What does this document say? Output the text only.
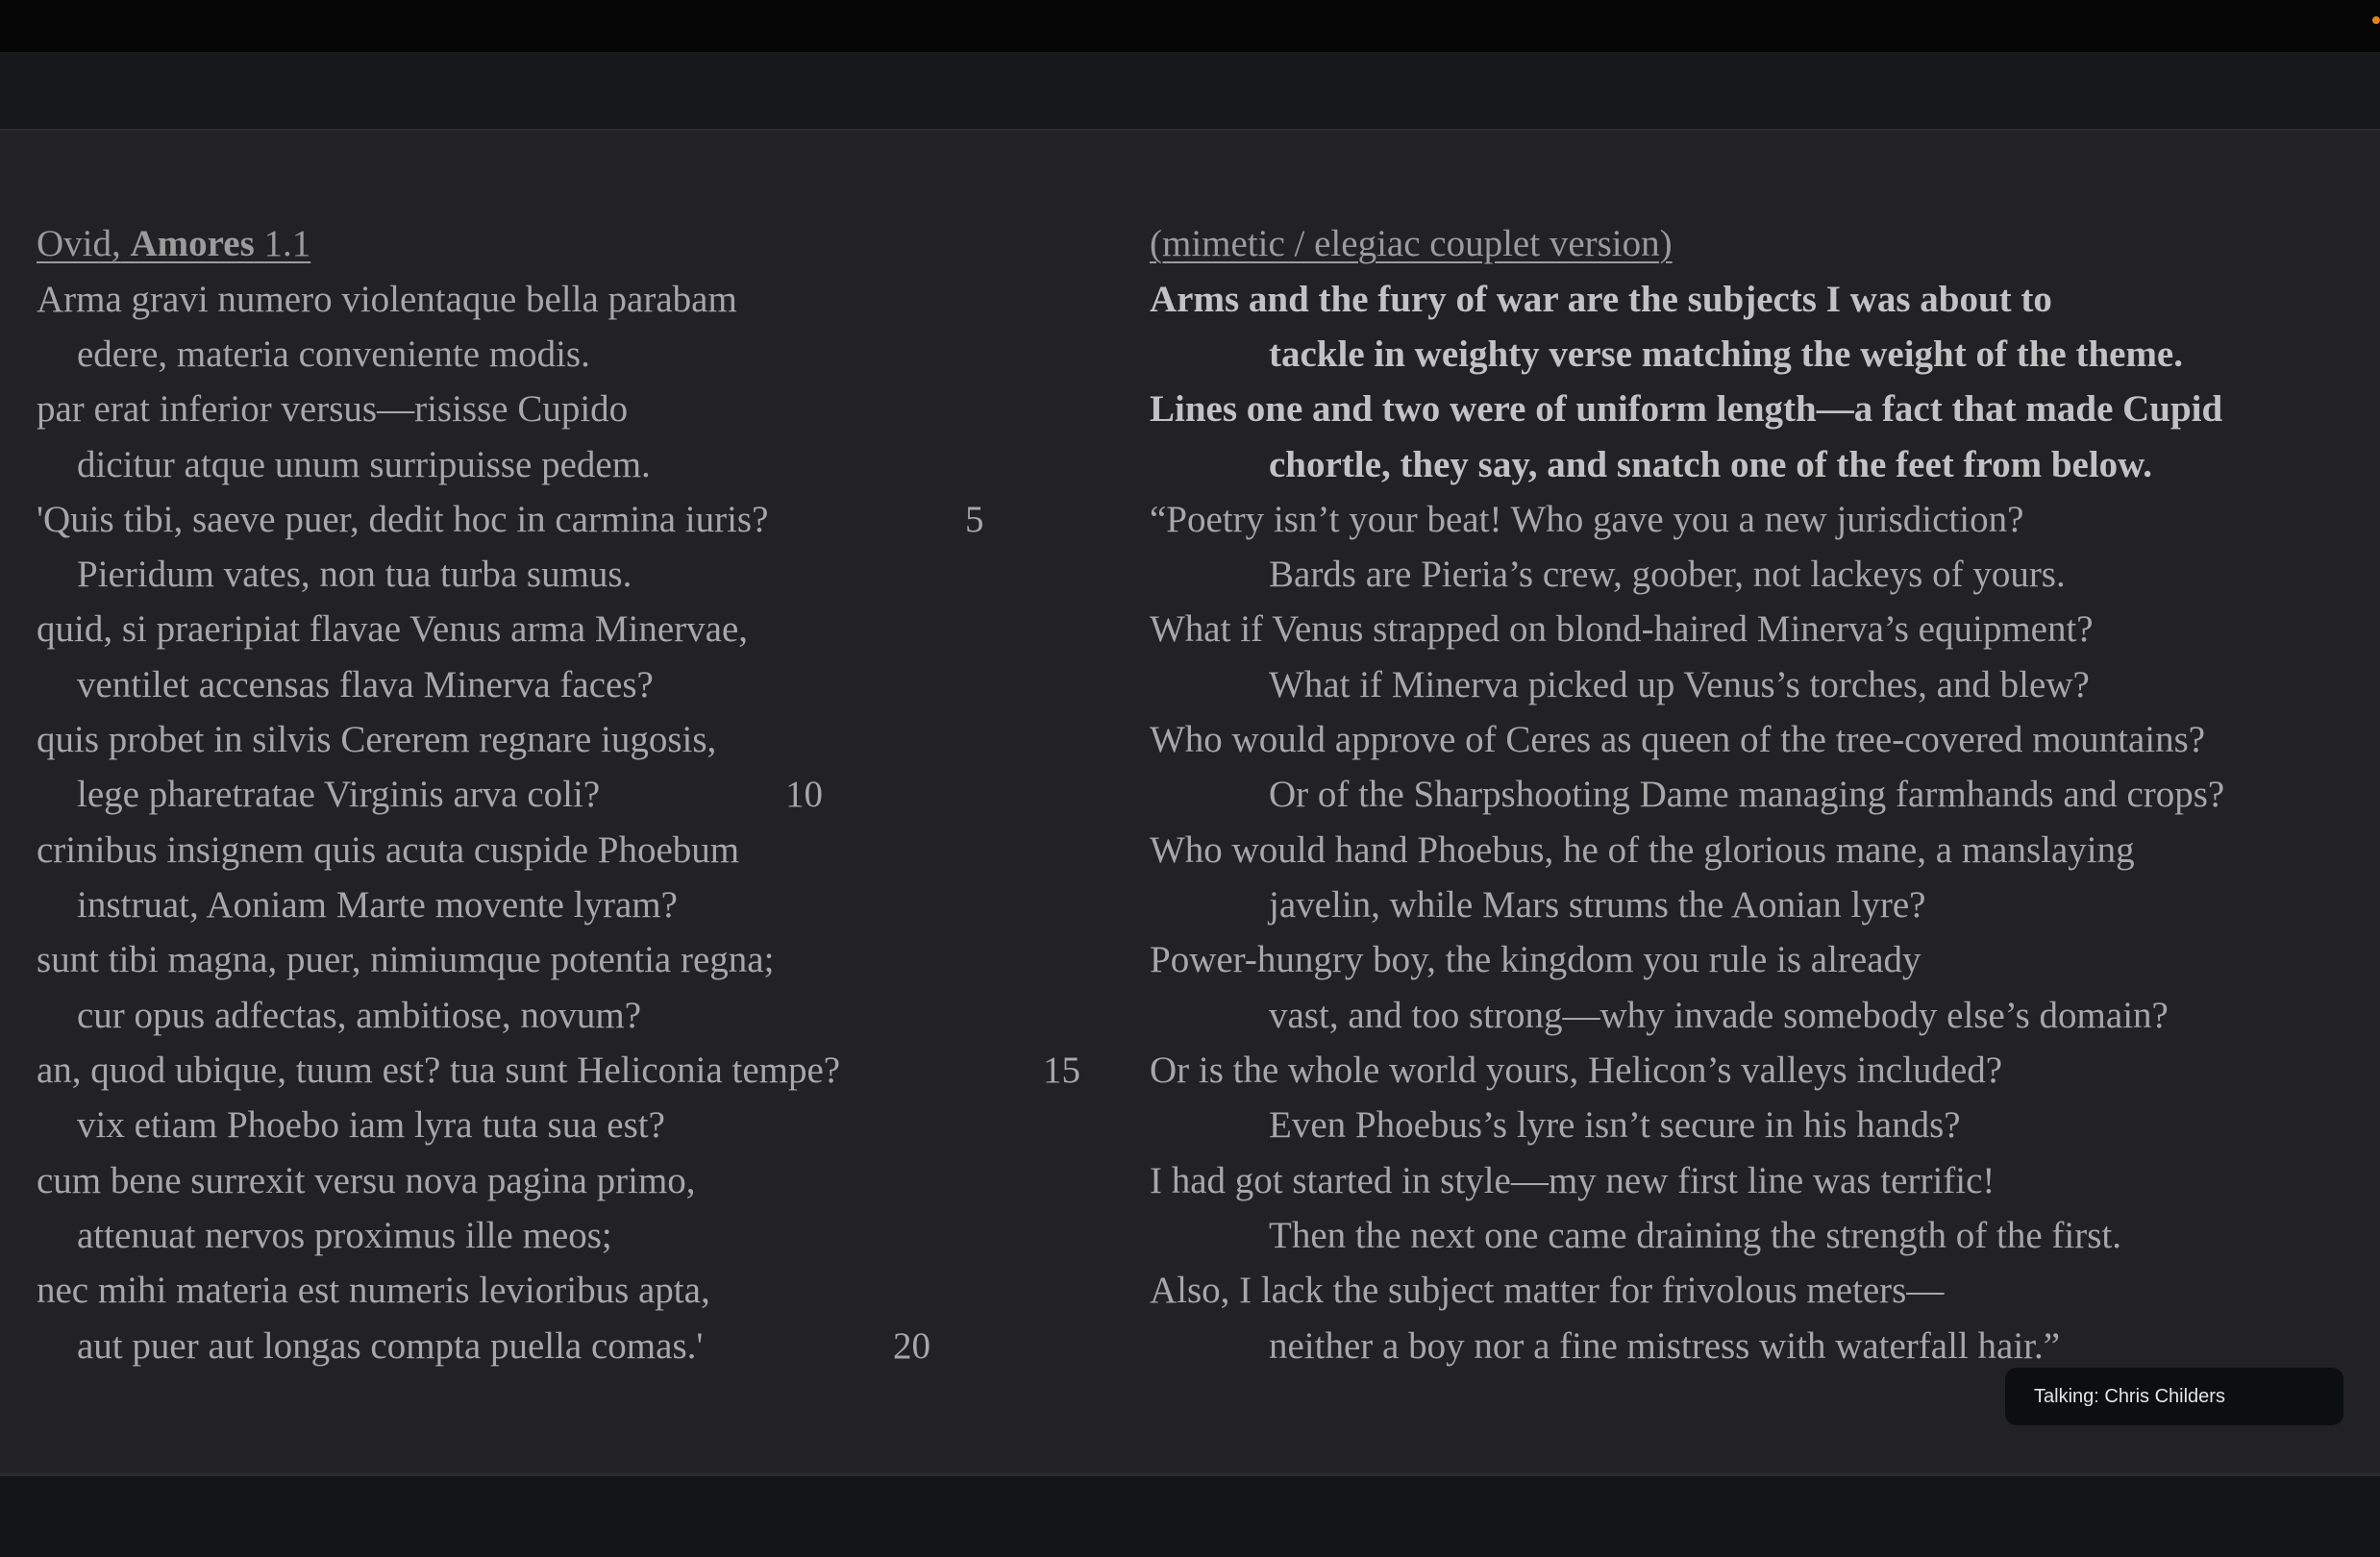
Ovid, Amores 1.1
Arma gravi numero violentaque bella parabam
edere, materia conveniente modis.
par erat inferior versus—risisse Cupido
dicitur atque unum surripuisse pedem.
'Quis tibi, saeve puer, dedit hoc in carmina iuris?
Pieridum vates, non tua turba sumus.
quid, si praeripiat flavae Venus arma Minervae,
ventilet accensas flava Minerva faces?
quis probet in silvis Cererem regnare iugosis,
lege pharetratae Virginis arva coli?
crinibus insignem quis acuta cuspide Phoebum
instruat, Aoniam Marte movente lyram?
sunt tibi magna, puer, nimiumque potentia regna;
cur opus adfectas, ambitiose, novum?
an, quod ubique, tuum est? tua sunt Heliconia tempe?
vix etiam Phoebo iam lyra tuta sua est?
cum bene surrexit versu nova pagina primo,
attenuat nervos proximus ille meos;
nec mihi materia est numeris levioribus apta,
aut puer aut longas compta puella comas.'
5
10
15
20
(mimetic / elegiac couplet version)
Arms and the fury of war are the subjects I was about to
tackle in weighty verse matching the weight of the theme.
Lines one and two were of uniform length—a fact that made Cupid
chortle, they say, and snatch one of the feet from below.
“Poetry isn’t your beat! Who gave you a new jurisdiction?
Bards are Pieria’s crew, goober, not lackeys of yours.
What if Venus strapped on blond-haired Minerva’s equipment?
What if Minerva picked up Venus’s torches, and blew?
Who would approve of Ceres as queen of the tree-covered mountains?
Or of the Sharpshooting Dame managing farmhands and crops?
Who would hand Phoebus, he of the glorious mane, a manslaying
javelin, while Mars strums the Aonian lyre?
Power-hungry boy, the kingdom you rule is already
vast, and too strong—why invade somebody else’s domain?
Or is the whole world yours, Helicon’s valleys included?
Even Phoebus’s lyre isn’t secure in his hands?
I had got started in style—my new first line was terrific!
Then the next one came draining the strength of the first.
Also, I lack the subject matter for frivolous meters—
neither a boy nor a fine mistress with waterfall hair.”
Talking: Chris Childers
